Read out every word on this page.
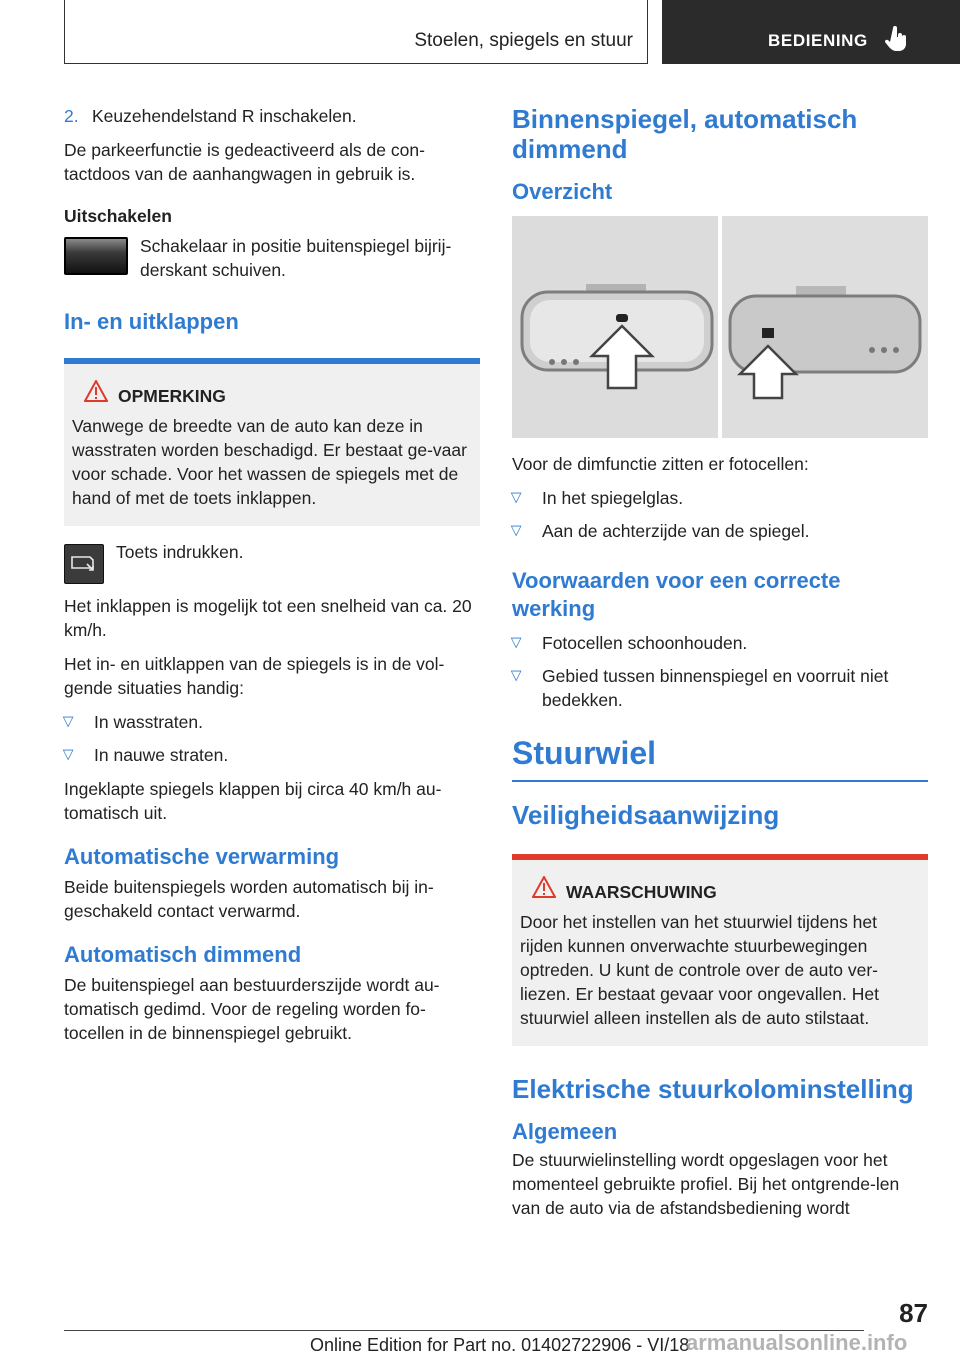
Stoelen, spiegels en stuur	BEDIENING

2. Keuzehendelstand R inschakelen.

De parkeerfunctie is gedeactiveerd als de con-tactdoos van de aanhangwagen in gebruik is.

Uitschakelen

Schakelaar in positie buitenspiegel bijrij-derskant schuiven.
In- en uitklappen
OPMERKING
Vanwege de breedte van de auto kan deze in wasstraten worden beschadigd. Er bestaat ge-vaar voor schade. Voor het wassen de spiegels met de hand of met de toets inklappen.
Toets indrukken.

Het inklappen is mogelijk tot een snelheid van ca. 20 km/h.

Het in- en uitklappen van de spiegels is in de vol-gende situaties handig:

▷ In wasstraten.
▷ In nauwe straten.

Ingeklapte spiegels klappen bij circa 40 km/h au-tomatisch uit.

Automatische verwarming

Beide buitenspiegels worden automatisch bij in-geschakeld contact verwarmd.

Automatisch dimmend

De buitenspiegel aan bestuurderszijde wordt au-tomatisch gedimd. Voor de regeling worden fo-tocellen in de binnenspiegel gebruikt.

Binnenspiegel, automatisch dimmend
Overzicht

Voor de dimfunctie zitten er fotocellen:

▷ In het spiegelglas.
▷ Aan de achterzijde van de spiegel.
Voorwaarden voor een correcte werking
▷ Fotocellen schoonhouden.
▷ Gebied tussen binnenspiegel en voorruit niet bedekken.
Stuurwiel
Veiligheidsaanwijzing
WAARSCHUWING
Door het instellen van het stuurwiel tijdens het rijden kunnen onverwachte stuurbewegingen optreden. U kunt de controle over de auto ver-liezen. Er bestaat gevaar voor ongevallen. Het stuurwiel alleen instellen als de auto stilstaat.
Elektrische stuurkolominstelling
Algemeen

De stuurwielinstelling wordt opgeslagen voor het momenteel gebruikte profiel. Bij het ontgrende-len van de auto via de afstandsbediening wordt

87
Online Edition for Part no. 01402722906 - VI/18
armanualsonline.info
